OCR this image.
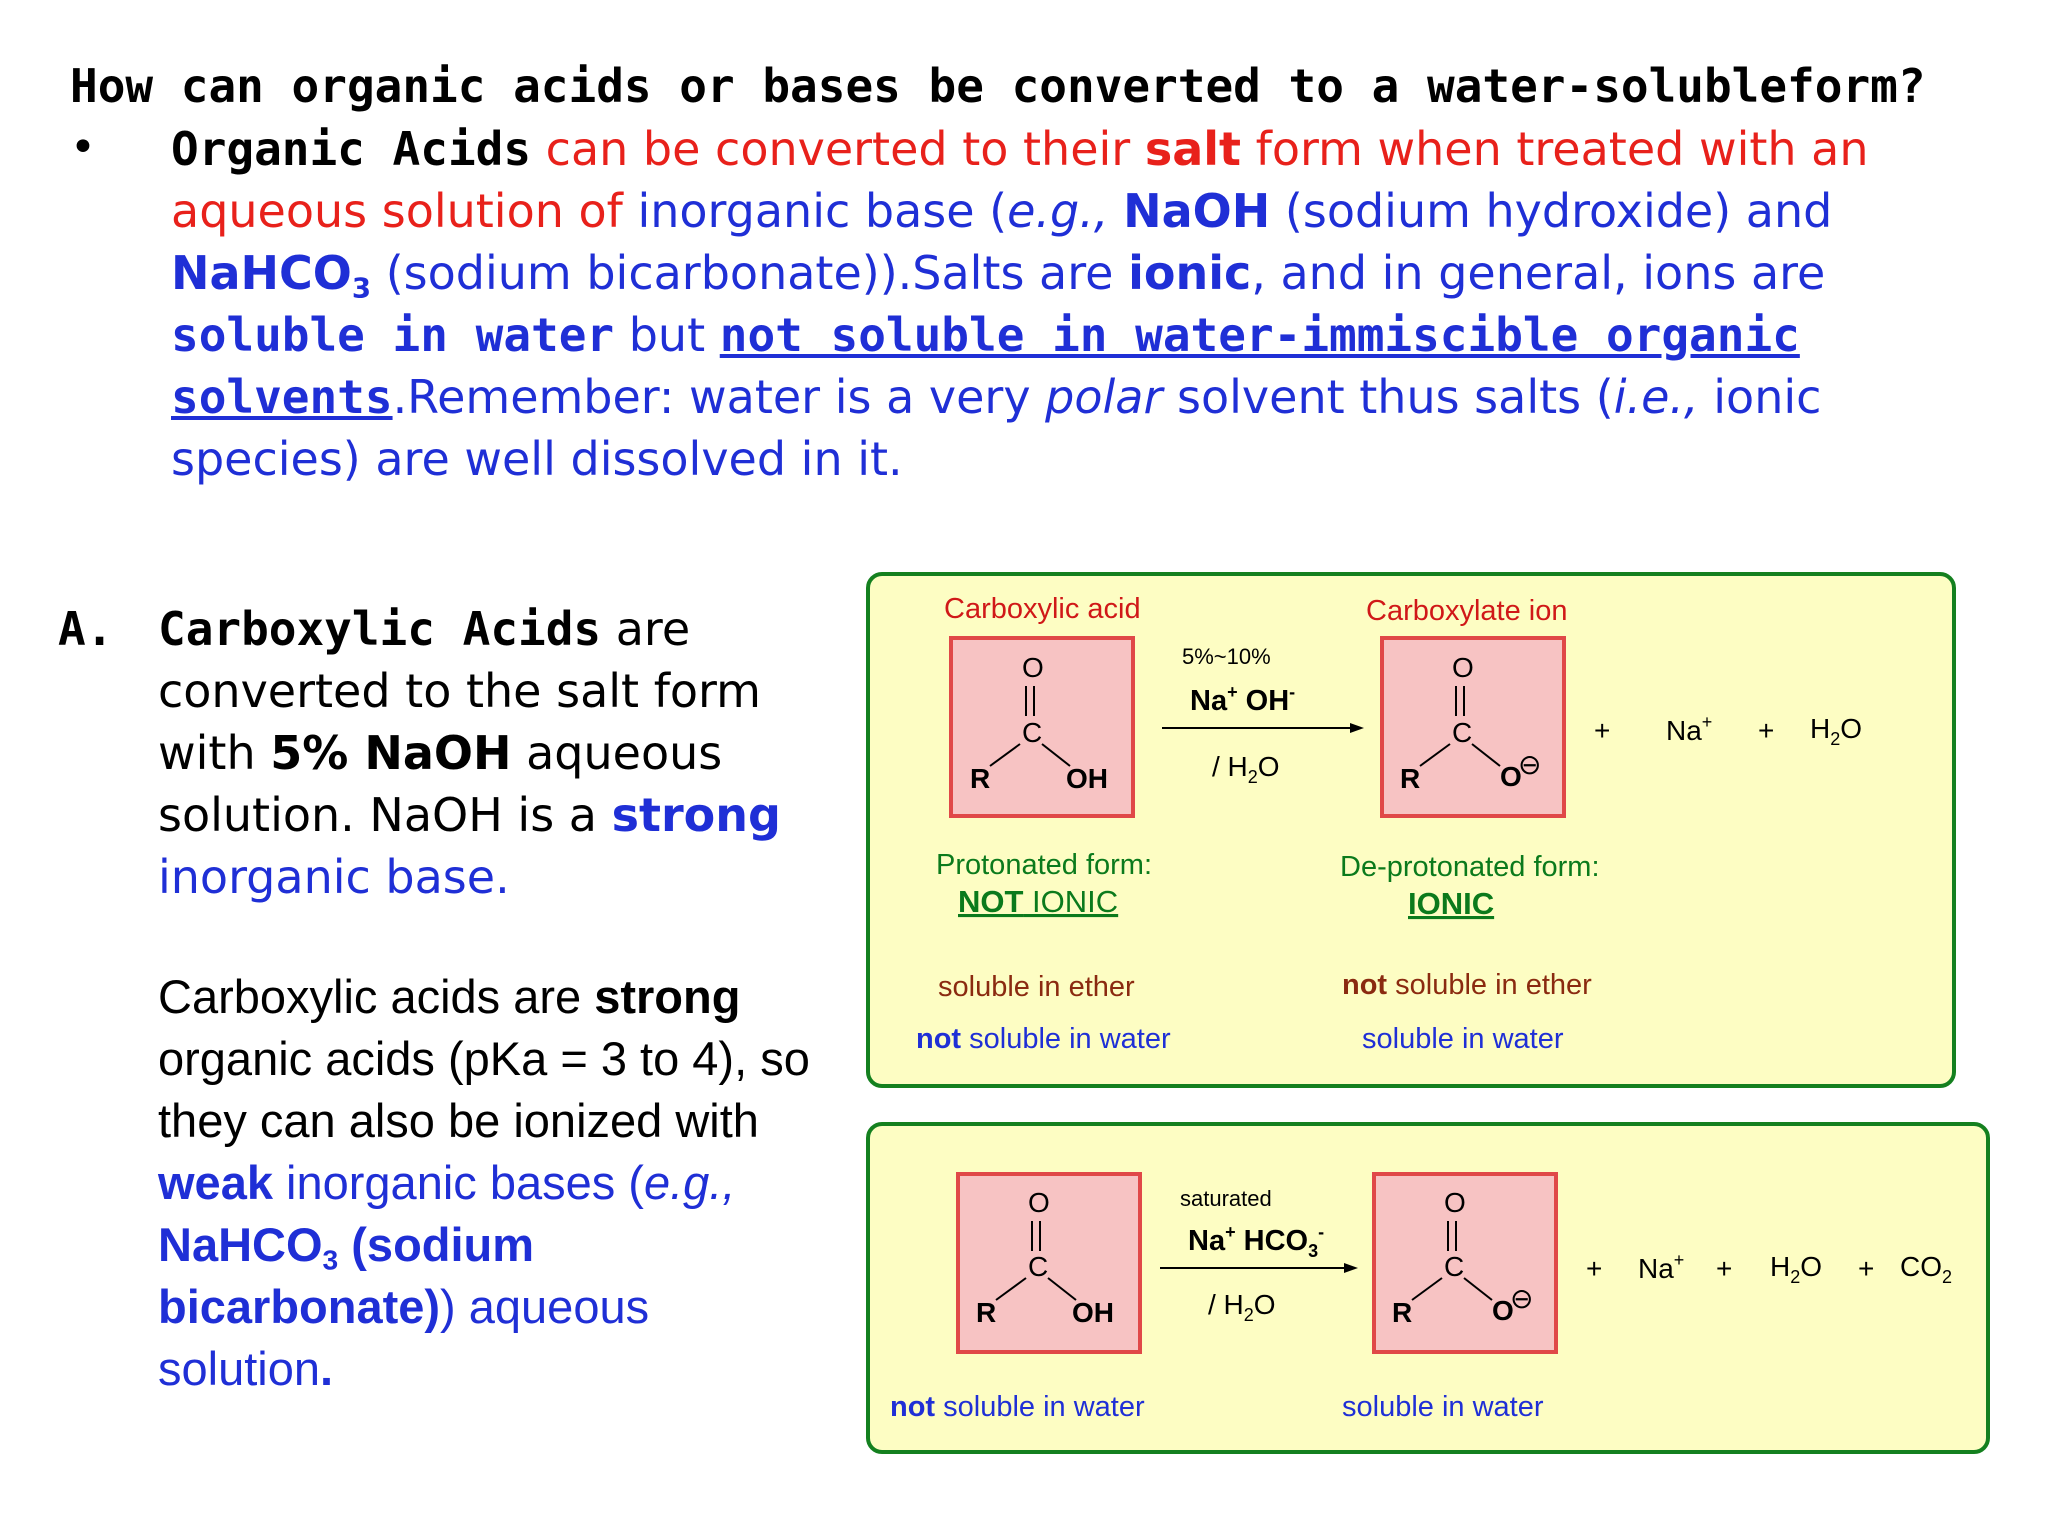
How can organic acids or bases be converted to a water-solubleform?
• Organic Acids can be converted to their salt form when treated with an aqueous solution of inorganic base (e.g., NaOH (sodium hydroxide) and NaHCO$_3$ (sodium bicarbonate)).Salts are ionic, and in general, ions are soluble in water but not soluble in water-immiscible organic solvents.Remember: water is a very polar solvent thus salts (i.e., ionic species) are well dissolved in it.

A. Carboxylic Acids are converted to the salt form with 5% NaOH aqueous solution. NaOH is a strong inorganic base.

Carboxylic acids are strong organic acids (pKa = 3 to 4), so they can also be ionized with weak inorganic bases (e.g., NaHCO$_3$ (sodium bicarbonate)) aqueous solution.

Carboxylic acid	Carboxylate ion
O
C
R	OH
5%~10%
Na+ OH-
/ $H_2O$
O
C
R	O
⊖
+ $Na^+ + H_2O$
Protonated form:
NOT IONIC
De-protonated form:
IONIC
soluble in ether
not soluble in water
not soluble in ether
soluble in water
O
C
R	OH
saturated
Na+ $HCO_3^-$
/ $H_2O$
O
C
R	O
⊖
+ $Na^+ + H_2O + CO_2$
not soluble in water	soluble in water
